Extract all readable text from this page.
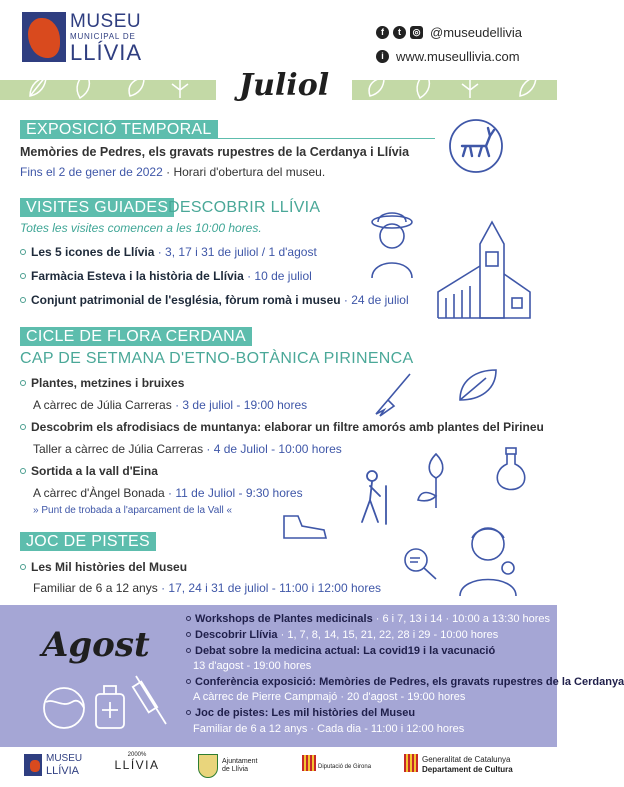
MUSEU
MUNICIPAL DE
LLÍVIA
f	t	◎ @museudellivia
i www.museullivia.com
Juliol
EXPOSICIÓ TEMPORAL
Memòries de Pedres, els gravats rupestres de la Cerdanya i Llívia
Fins el 2 de gener de 2022 · Horari d'obertura del museu.
VISITES GUIADES DESCOBRIR LLÍVIA
Totes les visites comencen a les 10:00 hores.
Les 5 icones de Llívia · 3, 17 i 31 de juliol / 1 d'agost
Farmàcia Esteva i la història de Llívia · 10 de juliol
Conjunt patrimonial de l'església, fòrum romà i museu · 24 de juliol
CICLE DE FLORA CERDANA
CAP DE SETMANA D'ETNO-BOTÀNICA PIRINENCA
Plantes, metzines i bruixes
A càrrec de Júlia Carreras · 3 de juliol - 19:00 hores
Descobrim els afrodisiacs de muntanya: elaborar un filtre amorós amb plantes del Pirineu
Taller a càrrec de Júlia Carreras · 4 de Juliol - 10:00 hores
Sortida a la vall d'Eina
A càrrec d'Àngel Bonada · 11 de Juliol - 9:30 hores
» Punt de trobada a l'aparcament de la Vall «
JOC DE PISTES
Les Mil històries del Museu
Familiar de 6 a 12 anys · 17, 24 i 31 de juliol - 11:00 i 12:00 hores
Agost
Workshops de Plantes medicinals · 6 i 7, 13 i 14 · 10:00 a 13:30 hores
Descobrir Llívia · 1, 7, 8, 14, 15, 21, 22, 28 i 29 - 10:00 hores
Debat sobre la medicina actual: La covid19 i la vacunació
13 d'agost - 19:00 hores
Conferència exposició: Memòries de Pedres, els gravats rupestres de la Cerdanya
A càrrec de Pierre Campmajó · 20 d'agost - 19:00 hores
Joc de pistes: Les mil històries del Museu
Familiar de 6 a 12 anys · Cada dia - 11:00 i 12:00 hores
MUSEU
LLÍVIA
2000%
LLÍVIA	Ajuntament
de Llívia	Diputació de Girona
Generalitat de Catalunya
Departament de Cultura
